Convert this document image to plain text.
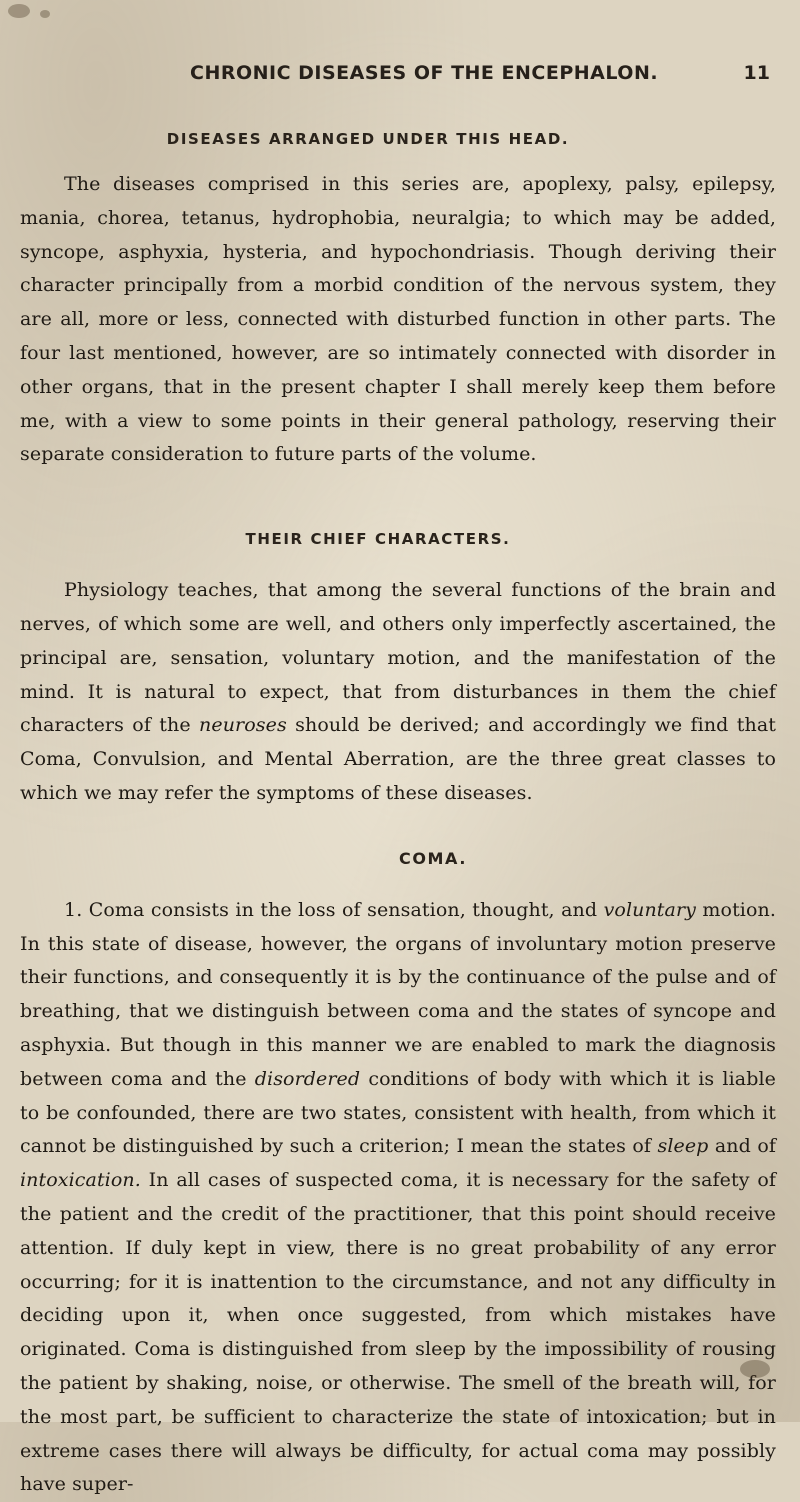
CHRONIC DISEASES OF THE ENCEPHALON.	11
DISEASES ARRANGED UNDER THIS HEAD.

The diseases comprised in this series are, apoplexy, palsy, epilepsy, mania, chorea, tetanus, hydrophobia, neuralgia; to which may be added, syncope, asphyxia, hysteria, and hypochondriasis. Though deriving their character principally from a morbid condition of the nervous system, they are all, more or less, connected with disturbed function in other parts. The four last mentioned, however, are so intimately connected with disorder in other organs, that in the present chapter I shall merely keep them before me, with a view to some points in their general pathology, reserving their separate consideration to future parts of the volume.

THEIR CHIEF CHARACTERS.

Physiology teaches, that among the several functions of the brain and nerves, of which some are well, and others only imperfectly ascertained, the principal are, sensation, voluntary motion, and the manifestation of the mind. It is natural to expect, that from disturbances in them the chief characters of the neuroses should be derived; and accordingly we find that Coma, Convulsion, and Mental Aberration, are the three great classes to which we may refer the symptoms of these diseases.

COMA.

1. Coma consists in the loss of sensation, thought, and voluntary motion. In this state of disease, however, the organs of involuntary motion preserve their functions, and consequently it is by the continuance of the pulse and of breathing, that we distinguish between coma and the states of syncope and asphyxia. But though in this manner we are enabled to mark the diagnosis between coma and the disordered conditions of body with which it is liable to be confounded, there are two states, consistent with health, from which it cannot be distinguished by such a criterion; I mean the states of sleep and of intoxication. In all cases of suspected coma, it is necessary for the safety of the patient and the credit of the practitioner, that this point should receive attention. If duly kept in view, there is no great probability of any error occurring; for it is inattention to the circumstance, and not any difficulty in deciding upon it, when once suggested, from which mistakes have originated. Coma is distinguished from sleep by the impossibility of rousing the patient by shaking, noise, or otherwise. The smell of the breath will, for the most part, be sufficient to characterize the state of intoxication; but in extreme cases there will always be difficulty, for actual coma may possibly have super-
